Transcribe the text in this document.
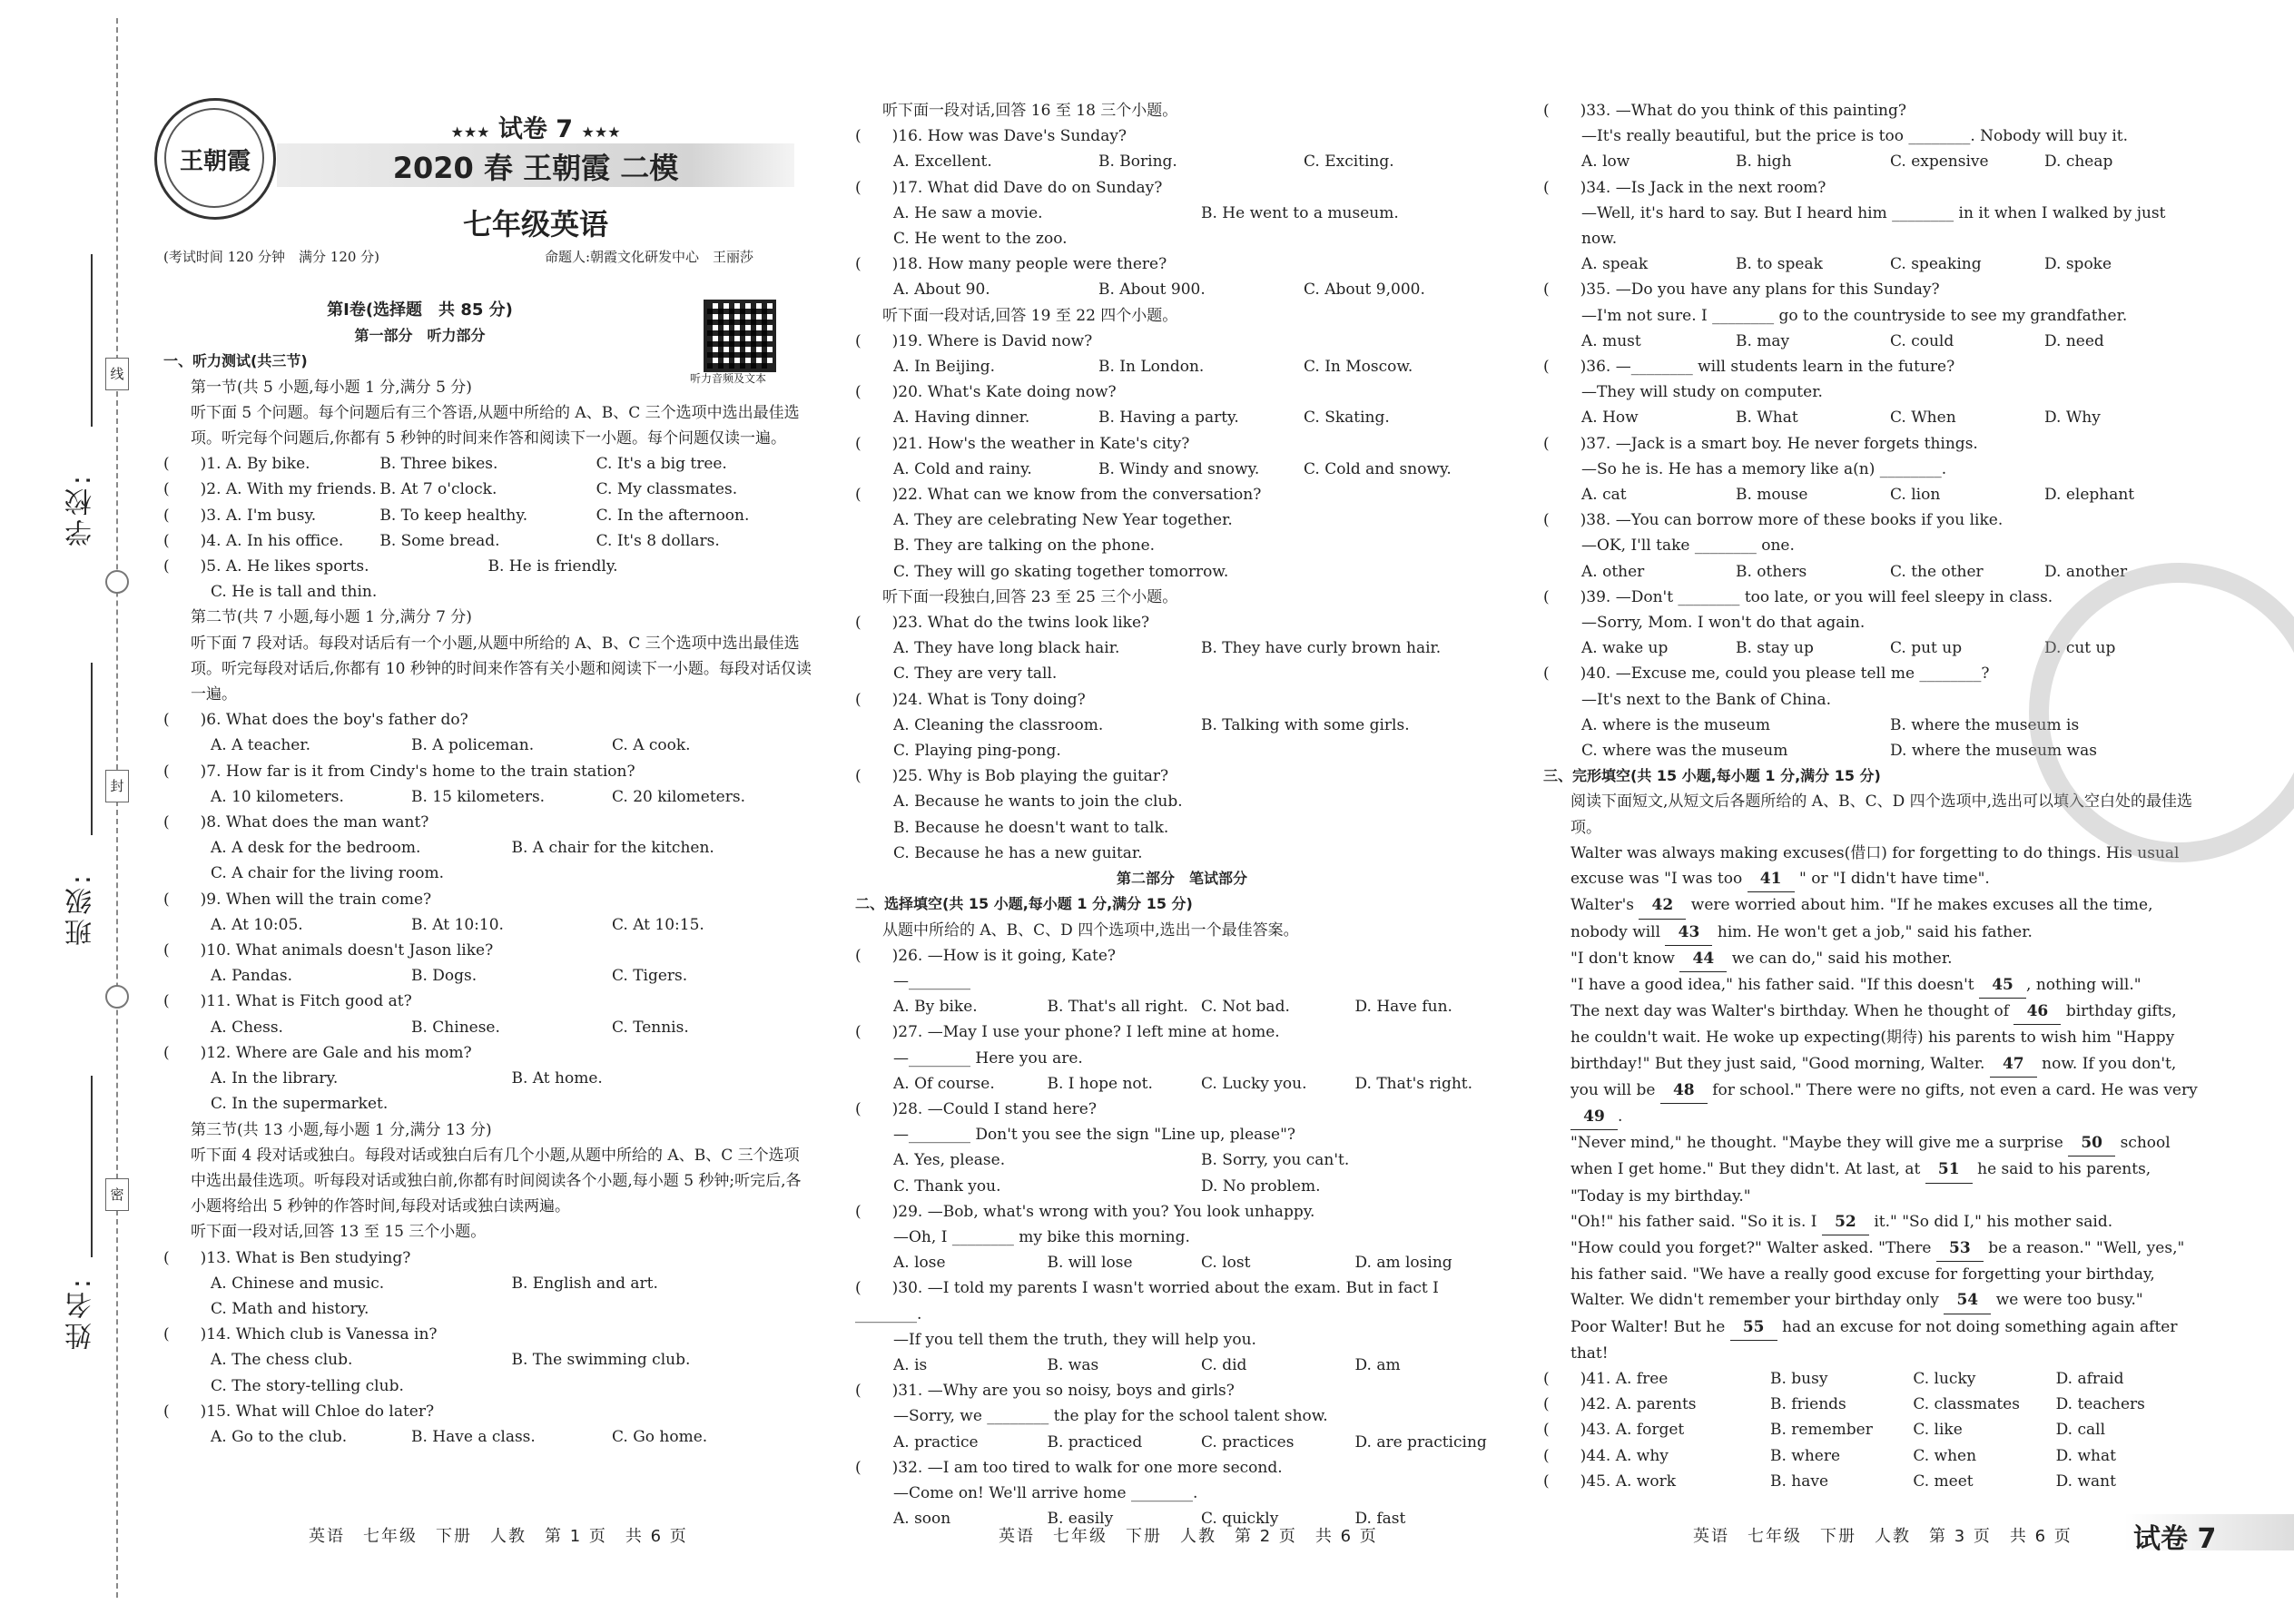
线
封
密
学校:
班级:
姓名:
王朝霞
★★★ 试卷 7 ★★★
2020 春 王朝霞 二模
七年级英语
(考试时间 120 分钟　满分 120 分)	命题人:朝霞文化研发中心　王丽莎
听力音频及文本

第Ⅰ卷(选择题　共 85 分)

第一部分　听力部分

一、听力测试(共三节)

第一节(共 5 小题,每小题 1 分,满分 5 分)

听下面 5 个问题。每个问题后有三个答语,从题中所给的 A、B、C 三个选项中选出最佳选项。听完每个问题后,你都有 5 秒钟的时间来作答和阅读下一小题。每个问题仅读一遍。

(　　)1. A. By bike.	B. Three bikes.	C. It's a big tree.
(　　)2. A. With my friends. B. At 7 o'clock.	C. My classmates.
(　　)3. A. I'm busy.	B. To keep healthy.	C. In the afternoon.
(　　)4. A. In his office.	B. Some bread.	C. It's 8 dollars.
(　　)5. A. He likes sports.	B. He is friendly.

C. He is tall and thin.

第二节(共 7 小题,每小题 1 分,满分 7 分)

听下面 7 段对话。每段对话后有一个小题,从题中所给的 A、B、C 三个选项中选出最佳选项。听完每段对话后,你都有 10 秒钟的时间来作答有关小题和阅读下一小题。每段对话仅读一遍。

(　　)6. What does the boy's father do?

A. A teacher.	B. A policeman.	C. A cook.

(　　)7. How far is it from Cindy's home to the train station?

A. 10 kilometers.	B. 15 kilometers.	C. 20 kilometers.

(　　)8. What does the man want?

A. A desk for the bedroom.	B. A chair for the kitchen.

C. A chair for the living room.

(　　)9. When will the train come?

A. At 10:05.	B. At 10:10.	C. At 10:15.

(　　)10. What animals doesn't Jason like?

A. Pandas.	B. Dogs.	C. Tigers.

(　　)11. What is Fitch good at?

A. Chess.	B. Chinese.	C. Tennis.

(　　)12. Where are Gale and his mom?

A. In the library.	B. At home.

C. In the supermarket.

第三节(共 13 小题,每小题 1 分,满分 13 分)

听下面 4 段对话或独白。每段对话或独白后有几个小题,从题中所给的 A、B、C 三个选项中选出最佳选项。听每段对话或独白前,你都有时间阅读各个小题,每小题 5 秒钟;听完后,各小题将给出 5 秒钟的作答时间,每段对话或独白读两遍。

听下面一段对话,回答 13 至 15 三个小题。

(　　)13. What is Ben studying?

A. Chinese and music.	B. English and art.

C. Math and history.

(　　)14. Which club is Vanessa in?

A. The chess club.	B. The swimming club.

C. The story-telling club.

(　　)15. What will Chloe do later?

A. Go to the club.	B. Have a class.	C. Go home.
英语　七年级　下册　人教　第 1 页　共 6 页

听下面一段对话,回答 16 至 18 三个小题。

(　　)16. How was Dave's Sunday?

A. Excellent.	B. Boring.	C. Exciting.

(　　)17. What did Dave do on Sunday?

A. He saw a movie.	B. He went to a museum.

C. He went to the zoo.

(　　)18. How many people were there?

A. About 90.	B. About 900.	C. About 9,000.

听下面一段对话,回答 19 至 22 四个小题。

(　　)19. Where is David now?

A. In Beijing.	B. In London.	C. In Moscow.

(　　)20. What's Kate doing now?

A. Having dinner.	B. Having a party.	C. Skating.

(　　)21. How's the weather in Kate's city?

A. Cold and rainy.	B. Windy and snowy.	C. Cold and snowy.

(　　)22. What can we know from the conversation?

A. They are celebrating New Year together.

B. They are talking on the phone.

C. They will go skating together tomorrow.

听下面一段独白,回答 23 至 25 三个小题。

(　　)23. What do the twins look like?

A. They have long black hair.	B. They have curly brown hair.

C. They are very tall.

(　　)24. What is Tony doing?

A. Cleaning the classroom.	B. Talking with some girls.

C. Playing ping-pong.

(　　)25. Why is Bob playing the guitar?

A. Because he wants to join the club.

B. Because he doesn't want to talk.

C. Because he has a new guitar.

第二部分　笔试部分

二、选择填空(共 15 小题,每小题 1 分,满分 15 分)

从题中所给的 A、B、C、D 四个选项中,选出一个最佳答案。

(　　)26. —How is it going, Kate?

—________

A. By bike.	B. That's all right. C. Not bad.	D. Have fun.

(　　)27. —May I use your phone? I left mine at home.

—________ Here you are.

A. Of course.	B. I hope not.	C. Lucky you.	D. That's right.

(　　)28. —Could I stand here?

—________ Don't you see the sign "Line up, please"?

A. Yes, please.	B. Sorry, you can't.
C. Thank you.	D. No problem.

(　　)29. —Bob, what's wrong with you? You look unhappy.

—Oh, I ________ my bike this morning.

A. lose	B. will lose	C. lost	D. am losing
(　　)30. —I told my parents I wasn't worried about the exam. But in fact I ________.

—If you tell them the truth, they will help you.

A. is	B. was	C. did	D. am

(　　)31. —Why are you so noisy, boys and girls?

—Sorry, we ________ the play for the school talent show.

A. practice	B. practiced	C. practices	D. are practicing

(　　)32. —I am too tired to walk for one more second.

—Come on! We'll arrive home ________.

A. soon	B. easily	C. quickly	D. fast
英语　七年级　下册　人教　第 2 页　共 6 页

(　　)33. —What do you think of this painting?

—It's really beautiful, but the price is too ________. Nobody will buy it.

A. low	B. high	C. expensive	D. cheap

(　　)34. —Is Jack in the next room?

—Well, it's hard to say. But I heard him ________ in it when I walked by just now.

A. speak	B. to speak	C. speaking	D. spoke

(　　)35. —Do you have any plans for this Sunday?

—I'm not sure. I ________ go to the countryside to see my grandfather.

A. must	B. may	C. could	D. need

(　　)36. —________ will students learn in the future?

—They will study on computer.

A. How	B. What	C. When	D. Why

(　　)37. —Jack is a smart boy. He never forgets things.

—So he is. He has a memory like a(n) ________.

A. cat	B. mouse	C. lion	D. elephant

(　　)38. —You can borrow more of these books if you like.

—OK, I'll take ________ one.

A. other	B. others	C. the other	D. another

(　　)39. —Don't ________ too late, or you will feel sleepy in class.

—Sorry, Mom. I won't do that again.

A. wake up	B. stay up	C. put up	D. cut up

(　　)40. —Excuse me, could you please tell me ________?

—It's next to the Bank of China.

A. where is the museum	B. where the museum is
C. where was the museum	D. where the museum was

三、完形填空(共 15 小题,每小题 1 分,满分 15 分)

阅读下面短文,从短文后各题所给的 A、B、C、D 四个选项中,选出可以填入空白处的最佳选项。

Walter was always making excuses(借口) for forgetting to do things. His usual excuse was "I was too 41 " or "I didn't have time".

Walter's 42 were worried about him. "If he makes excuses all the time, nobody will 43 him. He won't get a job," said his father.

"I don't know 44 we can do," said his mother.

"I have a good idea," his father said. "If this doesn't 45 , nothing will."

The next day was Walter's birthday. When he thought of 46 birthday gifts, he couldn't wait. He woke up expecting(期待) his parents to wish him "Happy birthday!" But they just said, "Good morning, Walter. 47 now. If you don't, you will be 48 for school." There were no gifts, not even a card. He was very 49 .

"Never mind," he thought. "Maybe they will give me a surprise 50 school when I get home." But they didn't. At last, at 51 he said to his parents, "Today is my birthday."

"Oh!" his father said. "So it is. I 52 it." "So did I," his mother said.

"How could you forget?" Walter asked. "There 53 be a reason." "Well, yes," his father said. "We have a really good excuse for forgetting your birthday, Walter. We didn't remember your birthday only 54 we were too busy."

Poor Walter! But he 55 had an excuse for not doing something again after that!

(　　)41. A. free	B. busy	C. lucky	D. afraid
(　　)42. A. parents	B. friends	C. classmates	D. teachers
(　　)43. A. forget	B. remember	C. like	D. call
(　　)44. A. why	B. where	C. when	D. what
(　　)45. A. work	B. have	C. meet	D. want
英语　七年级　下册　人教　第 3 页　共 6 页 试卷 7
